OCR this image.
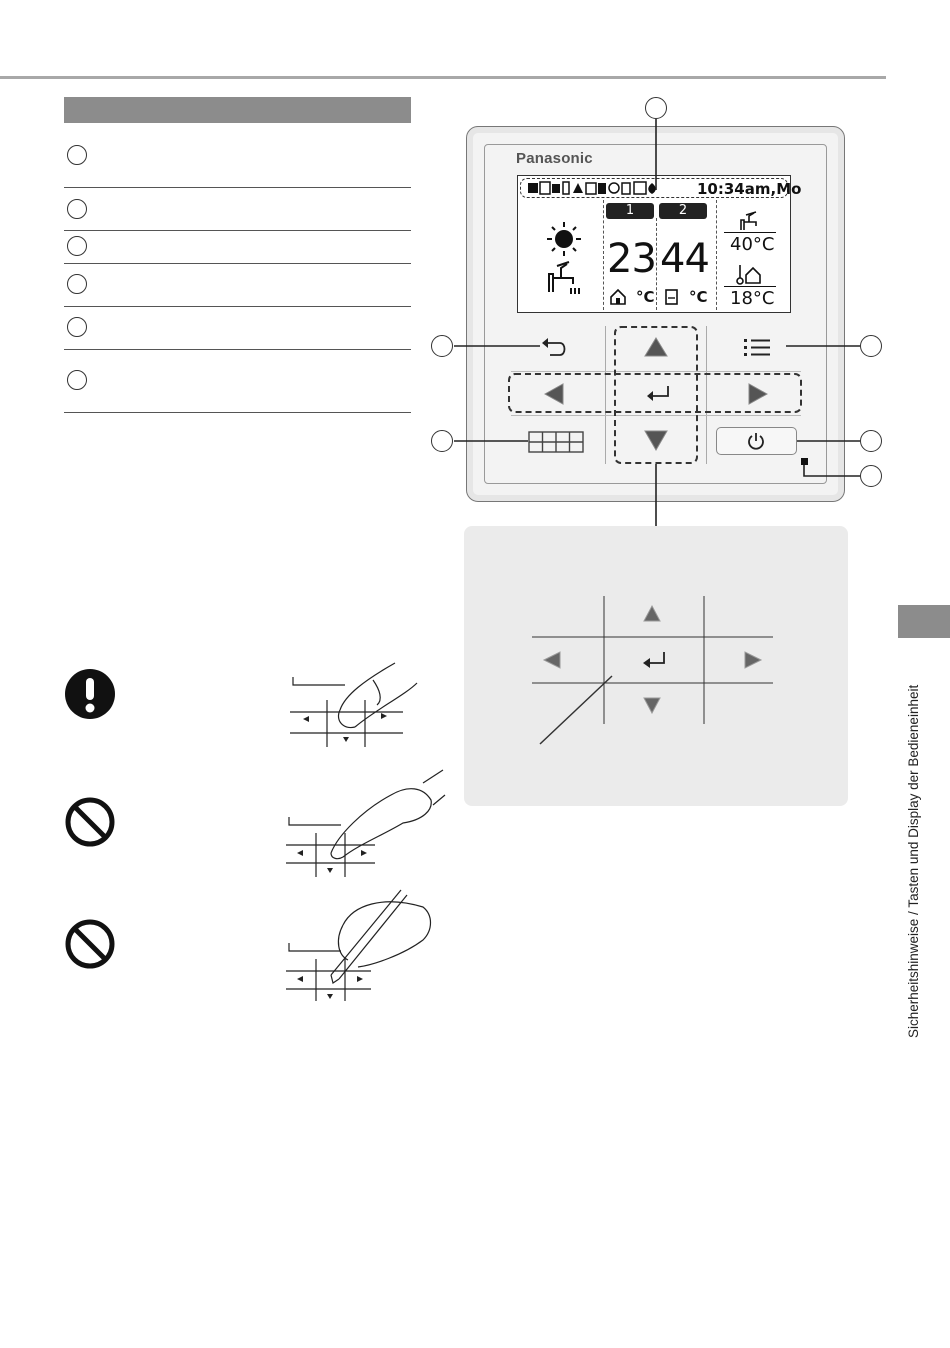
Panasonic
10:34am,Mo
1	2
23 44
°C °C
40°C
18°C
Sicherheitshinweise / Tasten und Display der Bedieneinheit
